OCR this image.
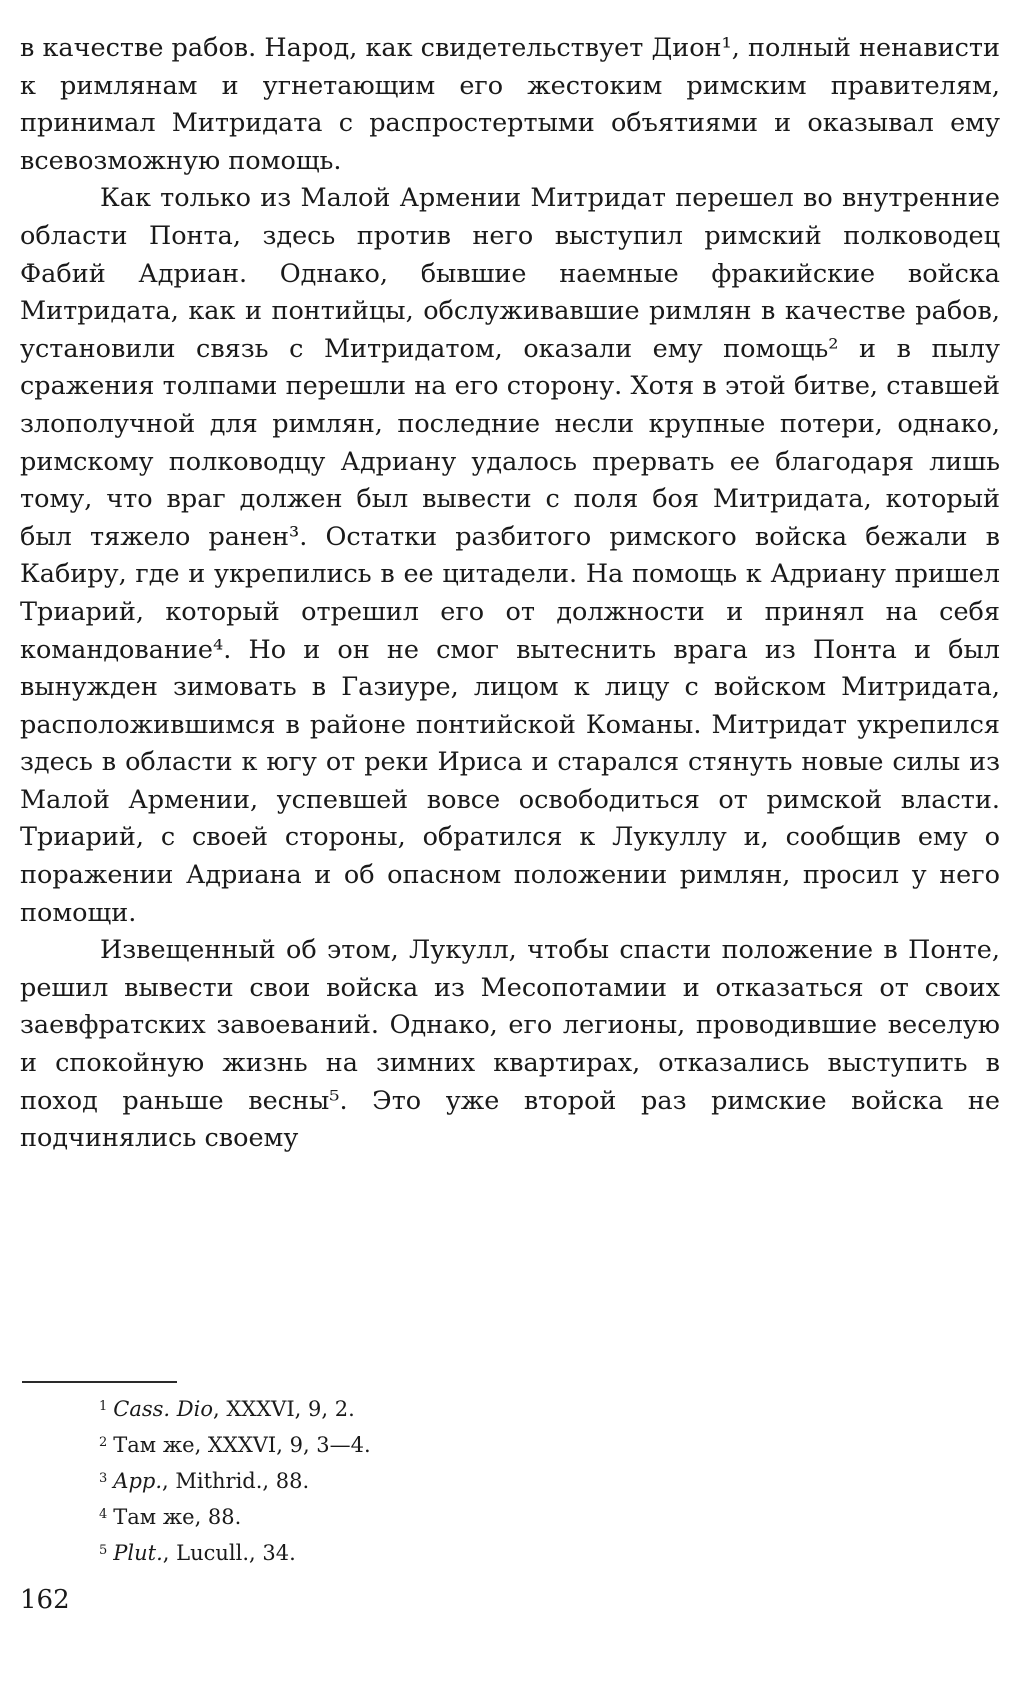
в качестве рабов. Народ, как свидетельствует Дион¹, полный ненависти к римлянам и угнетающим его жестоким римским правителям, принимал Митридата с распростертыми объятиями и оказывал ему всевозможную помощь.

Как только из Малой Армении Митридат перешел во внутренние области Понта, здесь против него выступил римский полководец Фабий Адриан. Однако, бывшие наемные фракийские войска Митридата, как и понтийцы, обслуживавшие римлян в качестве рабов, установили связь с Митридатом, оказали ему помощь² и в пылу сражения толпами перешли на его сторону. Хотя в этой битве, ставшей злополучной для римлян, последние несли крупные потери, однако, римскому полководцу Адриану удалось прервать ее благодаря лишь тому, что враг должен был вывести с поля боя Митридата, который был тяжело ранен³. Остатки разбитого римского войска бежали в Кабиру, где и укрепились в ее цитадели. На помощь к Адриану пришел Триарий, который отрешил его от должности и принял на себя командование⁴. Но и он не смог вытеснить врага из Понта и был вынужден зимовать в Газиуре, лицом к лицу с войском Митридата, расположившимся в районе понтийской Команы. Митридат укрепился здесь в области к югу от реки Ириса и старался стянуть новые силы из Малой Армении, успевшей вовсе освободиться от римской власти. Триарий, с своей стороны, обратился к Лукуллу и, сообщив ему о поражении Адриана и об опасном положении римлян, просил у него помощи.

Извещенный об этом, Лукулл, чтобы спасти положение в Понте, решил вывести свои войска из Месопотамии и отказаться от своих заевфратских завоеваний. Однако, его легионы, проводившие веселую и спокойную жизнь на зимних квартирах, отказались выступить в поход раньше весны⁵. Это уже второй раз римские войска не подчинялись своему

$^1$ Cass. Dio, XXXVI, 9, 2.
$^2$ Там же, XXXVI, 9, 3—4.
$^3$ App., Mithrid., 88.
$^4$ Там же, 88.
$^5$ Plut., Lucull., 34.
162
